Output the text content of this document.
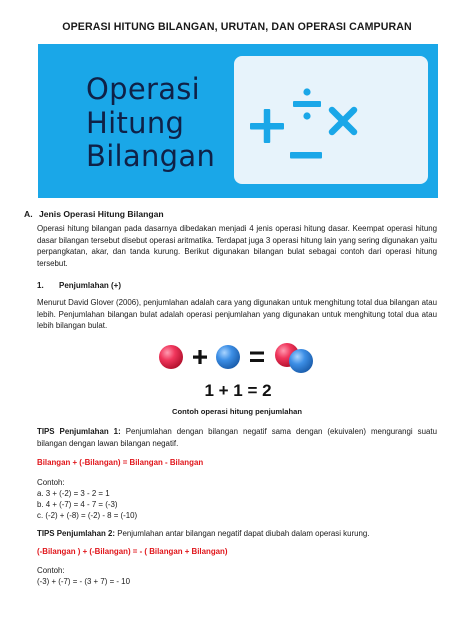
OPERASI HITUNG BILANGAN, URUTAN, DAN OPERASI CAMPURAN
Operasi
Hitung
Bilangan
A. Jenis Operasi Hitung Bilangan
Operasi hitung bilangan pada dasarnya dibedakan menjadi 4 jenis operasi hitung dasar. Keempat operasi hitung dasar bilangan tersebut disebut operasi aritmatika. Terdapat juga 3 operasi hitung lain yang sering digunakan yaitu perpangkatan, akar, dan tanda kurung. Berikut digunakan bilangan bulat sebagai contoh dari operasi hitung tersebut.
1. Penjumlahan (+)
Menurut David Glover (2006), penjumlahan adalah cara yang digunakan untuk menghitung total dua bilangan atau lebih. Penjumlahan bilangan bulat adalah operasi penjumlahan yang digunakan untuk menghitung total dua atau lebih bilangan bulat.
1 + 1 = 2
Contoh operasi hitung penjumlahan
TIPS Penjumlahan 1: Penjumlahan dengan bilangan negatif sama dengan (ekuivalen) mengurangi suatu bilangan dengan lawan bilangan negatif.
Bilangan + (-Bilangan) = Bilangan - Bilangan
Contoh:
a. 3 + (-2) = 3 - 2 = 1
b. 4 + (-7) = 4 - 7 = (-3)
c. (-2) + (-8) = (-2) - 8 = (-10)
TIPS Penjumlahan 2: Penjumlahan antar bilangan negatif dapat diubah dalam operasi kurung.
(-Bilangan ) + (-Bilangan) = - ( Bilangan + Bilangan)
Contoh:
(-3) + (-7) = - (3 + 7) = - 10
